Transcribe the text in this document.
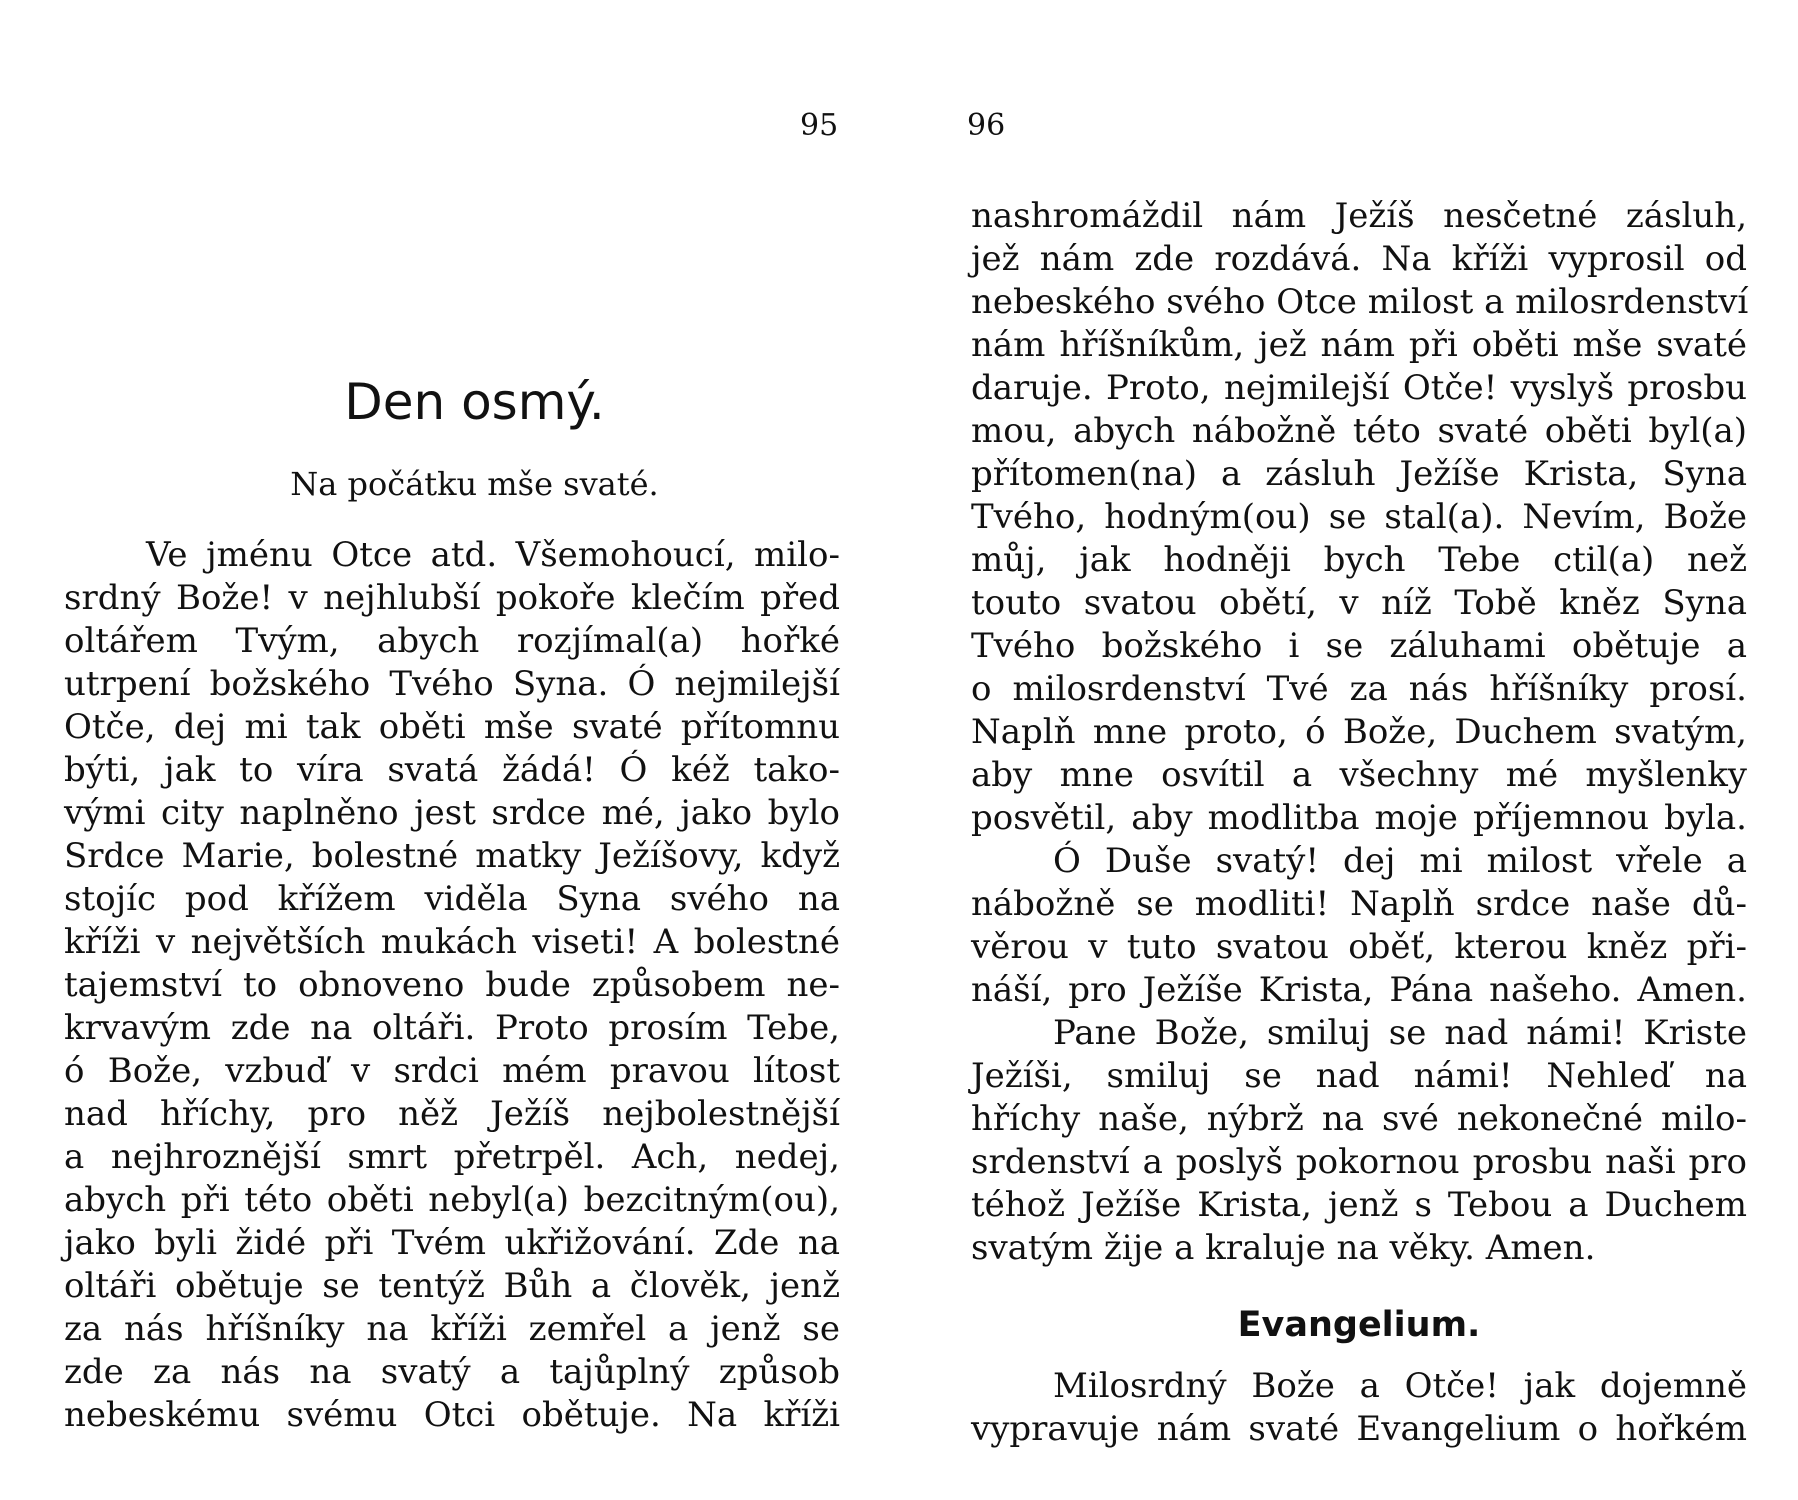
95
Den osmý.
Na počátku mše svaté.
Ve jménu Otce atd. Všemohoucí, milo-
srdný Bože! v nejhlubší pokoře klečím před
oltářem Tvým, abych rozjímal(a) hořké
utrpení božského Tvého Syna. Ó nejmilejší
Otče, dej mi tak oběti mše svaté přítomnu
býti, jak to víra svatá žádá! Ó kéž tako-
vými city naplněno jest srdce mé, jako bylo
Srdce Marie, bolestné matky Ježíšovy, když
stojíc pod křížem viděla Syna svého na
kříži v největších mukách viseti! A bolestné
tajemství to obnoveno bude způsobem ne-
krvavým zde na oltáři. Proto prosím Tebe,
ó Bože, vzbuď v srdci mém pravou lítost
nad hříchy, pro něž Ježíš nejbolestnější
a nejhroznější smrt přetrpěl. Ach, nedej,
abych při této oběti nebyl(a) bezcitným(ou),
jako byli židé při Tvém ukřižování. Zde na
oltáři obětuje se tentýž Bůh a člověk, jenž
za nás hříšníky na kříži zemřel a jenž se
zde za nás na svatý a tajůplný způsob
nebeskému svému Otci obětuje. Na kříži
96
nashromáždil nám Ježíš nesčetné zásluh,
jež nám zde rozdává. Na kříži vyprosil od
nebeského svého Otce milost a milosrdenství
nám hříšníkům, jež nám při oběti mše svaté
daruje. Proto, nejmilejší Otče! vyslyš prosbu
mou, abych nábožně této svaté oběti byl(a)
přítomen(na) a zásluh Ježíše Krista, Syna
Tvého, hodným(ou) se stal(a). Nevím, Bože
můj, jak hodněji bych Tebe ctil(a) než
touto svatou obětí, v níž Tobě kněz Syna
Tvého božského i se záluhami obětuje a
o milosrdenství Tvé za nás hříšníky prosí.
Naplň mne proto, ó Bože, Duchem svatým,
aby mne osvítil a všechny mé myšlenky
posvětil, aby modlitba moje příjemnou byla.
Ó Duše svatý! dej mi milost vřele a
nábožně se modliti! Naplň srdce naše dů-
věrou v tuto svatou oběť, kterou kněz při-
náší, pro Ježíše Krista, Pána našeho. Amen.
Pane Bože, smiluj se nad námi! Kriste
Ježíši, smiluj se nad námi! Nehleď na
hříchy naše, nýbrž na své nekonečné milo-
srdenství a poslyš pokornou prosbu naši pro
téhož Ježíše Krista, jenž s Tebou a Duchem
svatým žije a kraluje na věky. Amen.
Evangelium.
Milosrdný Bože a Otče! jak dojemně
vypravuje nám svaté Evangelium o hořkém
